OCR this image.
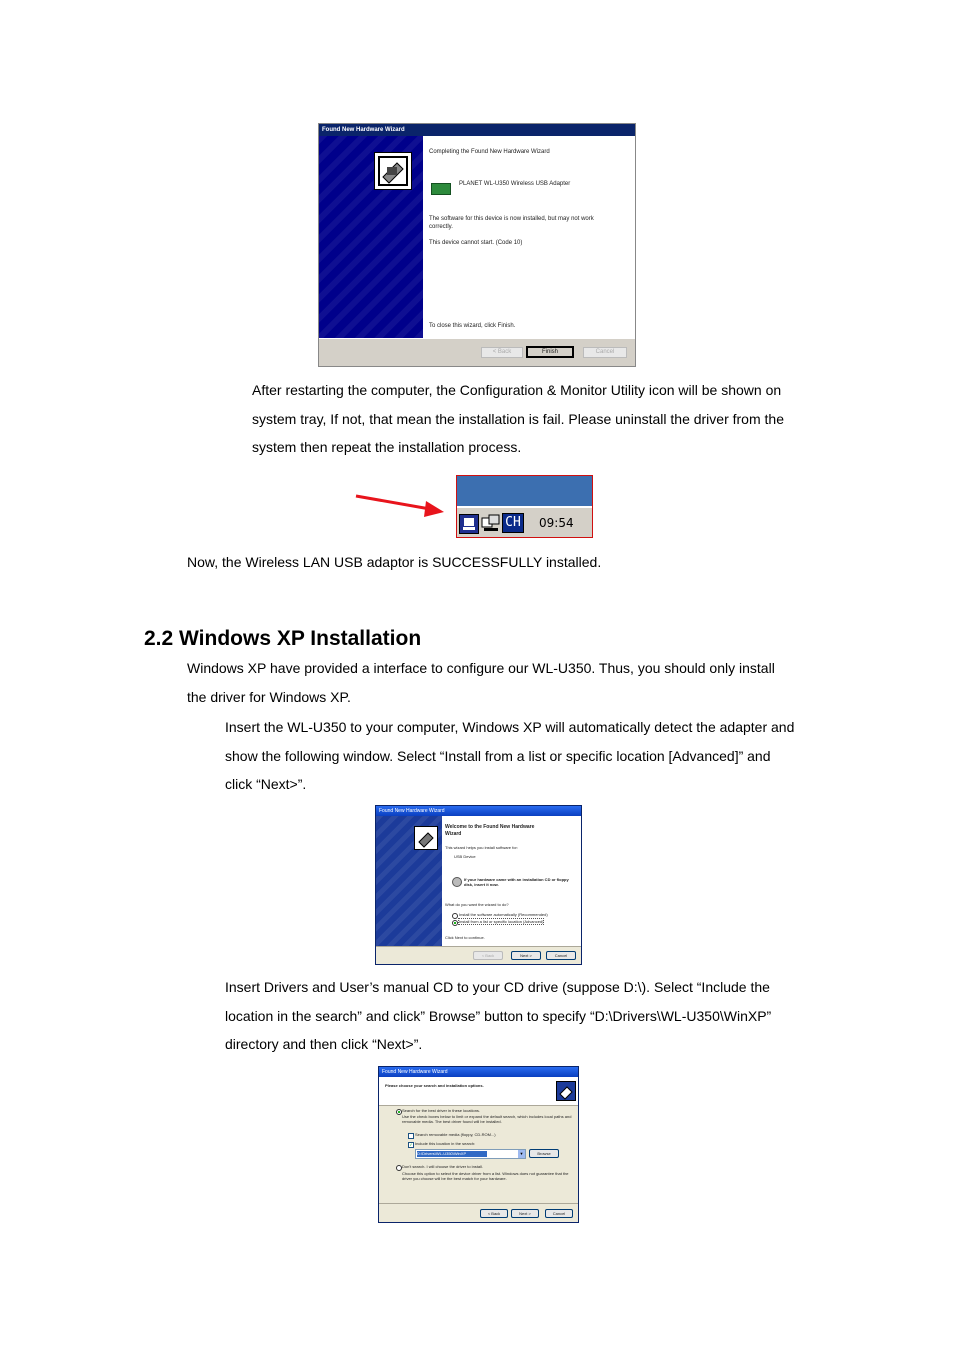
Found New Hardware Wizard
Completing the Found New Hardware Wizard
PLANET WL-U350 Wireless USB Adapter
The software for this device is now installed, but may not work correctly.
This device cannot start. (Code 10)
To close this wizard, click Finish.
< Back	Finish	Cancel
After restarting the computer, the Configuration & Monitor Utility icon will be shown on
system tray, If not, that mean the installation is fail. Please uninstall the driver from the
system then repeat the installation process.
CH 09:54
Now, the Wireless LAN USB adaptor is SUCCESSFULLY installed.
2.2 Windows XP Installation
Windows XP have provided a interface to configure our WL-U350. Thus, you should only install
the driver for Windows XP.
Insert the WL-U350 to your computer, Windows XP will automatically detect the adapter and
show the following window. Select “Install from a list or specific location [Advanced]” and
click “Next>”.
Found New Hardware Wizard
Welcome to the Found New Hardware Wizard
This wizard helps you install software for:
USB Device
If your hardware came with an installation CD or floppy disk, insert it now.
What do you want the wizard to do?
Install the software automatically (Recommended)
Install from a list or specific location (Advanced)
Click Next to continue.
< Back	Next >	Cancel
Insert Drivers and User’s manual CD to your CD drive (suppose D:\). Select “Include the
location in the search” and click” Browse” button to specify “D:\Drivers\WL-U350\WinXP”
directory and then click “Next>”.
Found New Hardware Wizard
Please choose your search and installation options.
Search for the best driver in these locations.
Use the check boxes below to limit or expand the default search, which includes local paths and removable media. The best driver found will be installed.
Search removable media (floppy, CD-ROM...)
✓ Include this location in the search:
D:\Drivers\WL-U350\WinXP	▼	Browse
Don't search. I will choose the driver to install.
Choose this option to select the device driver from a list. Windows does not guarantee that the driver you choose will be the best match for your hardware.
< Back	Next >	Cancel
